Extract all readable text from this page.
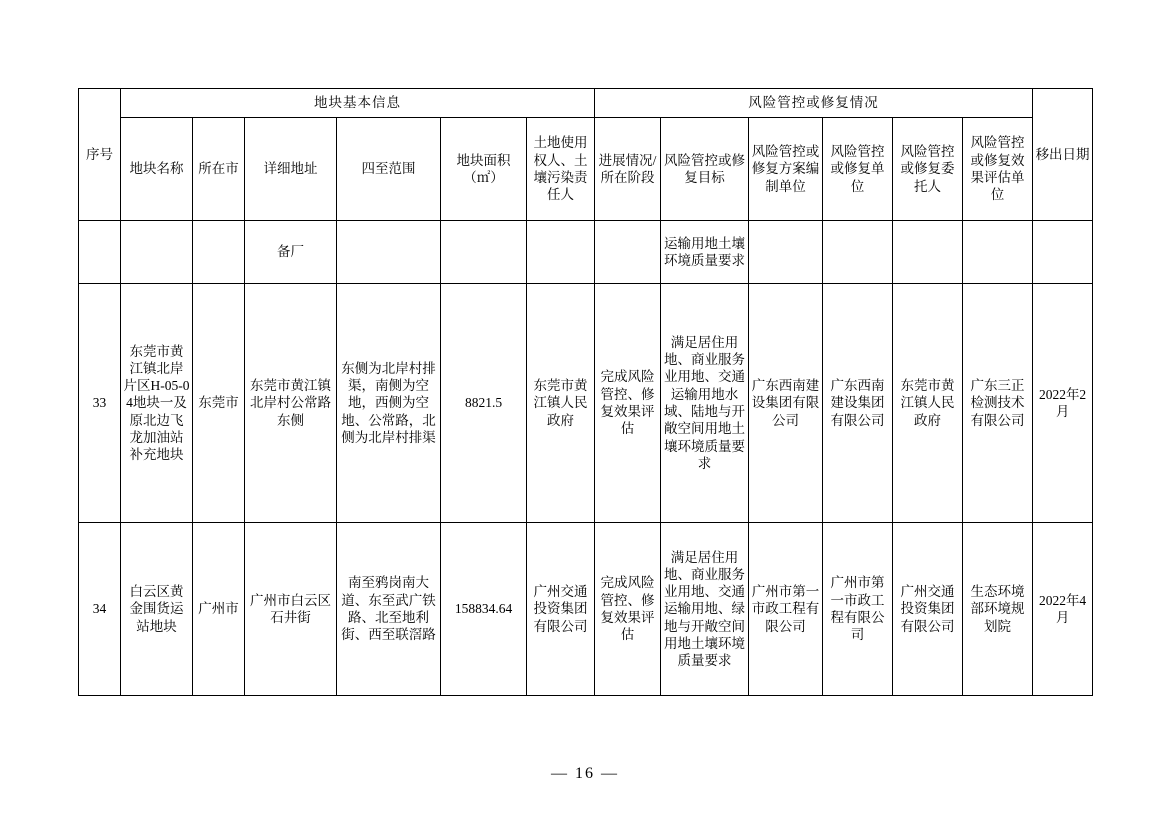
序号	地块基本信息						风险管控或修复情况						移出日期
	地块名称	所在市	详细地址	四至范围	地块面积（㎡）	土地使用权人、土壤污染责任人	进展情况/所在阶段	风险管控或修复目标	风险管控或修复方案编制单位	风险管控或修复单位	风险管控或修复委托人	风险管控或修复效果评估单位	
			备厂					运输用地土壤环境质量要求					
33	东莞市黄江镇北岸片区H-05-04地块一及原北边飞龙加油站补充地块	东莞市	东莞市黄江镇北岸村公常路东侧	东侧为北岸村排渠，南侧为空地，西侧为空地、公常路，北侧为北岸村排渠	8821.5	东莞市黄江镇人民政府	完成风险管控、修复效果评估	满足居住用地、商业服务业用地、交通运输用地水域、陆地与开敞空间用地土壤环境质量要求	广东西南建设集团有限公司	广东西南建设集团有限公司	东莞市黄江镇人民政府	广东三正检测技术有限公司	2022年2月
34	白云区黄金围货运站地块	广州市	广州市白云区石井街	南至鸦岗南大道、东至武广铁路、北至地利街、西至联滘路	158834.64	广州交通投资集团有限公司	完成风险管控、修复效果评估	满足居住用地、商业服务业用地、交通运输用地、绿地与开敞空间用地土壤环境质量要求	广州市第一市政工程有限公司	广州市第一市政工程有限公司	广州交通投资集团有限公司	生态环境部环境规划院	2022年4月
— 16 —
